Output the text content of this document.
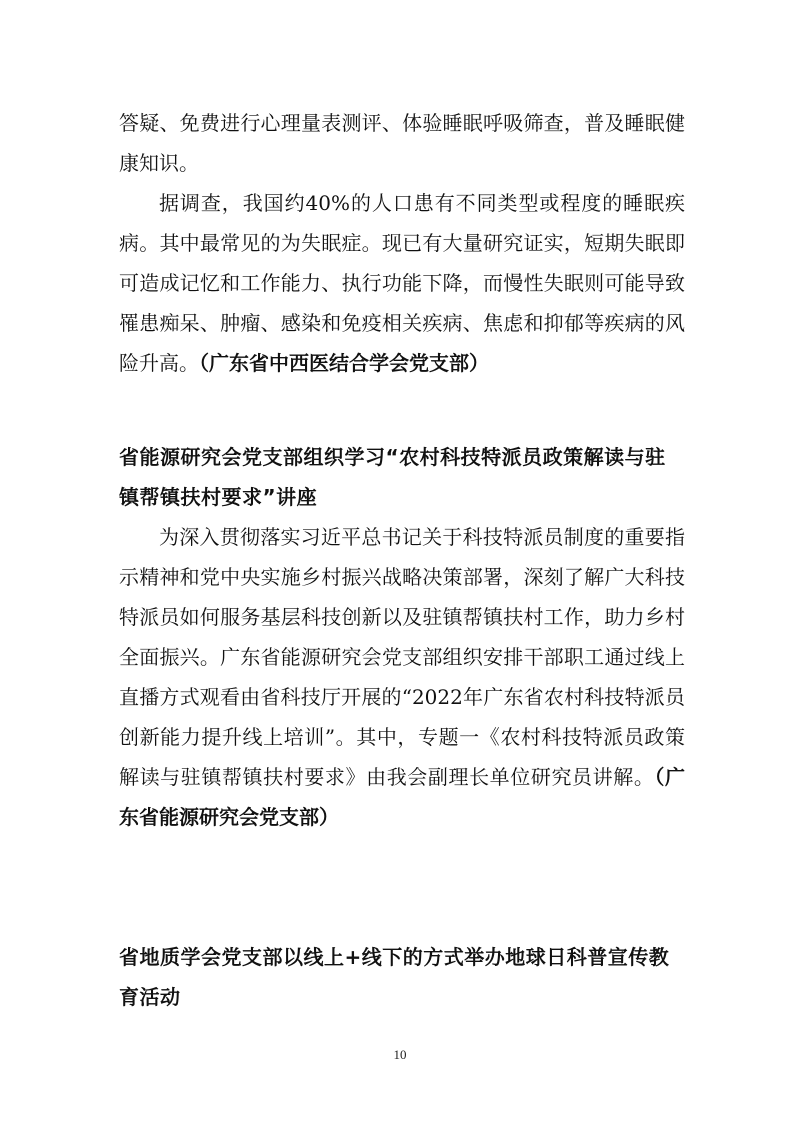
答疑、免费进行心理量表测评、体验睡眠呼吸筛查，普及睡眠健康知识。

据调查，我国约40%的人口患有不同类型或程度的睡眠疾病。其中最常见的为失眠症。现已有大量研究证实，短期失眠即可造成记忆和工作能力、执行功能下降，而慢性失眠则可能导致罹患痴呆、肿瘤、感染和免疫相关疾病、焦虑和抑郁等疾病的风险升高。（广东省中西医结合学会党支部）

省能源研究会党支部组织学习“农村科技特派员政策解读与驻镇帮镇扶村要求”讲座

为深入贯彻落实习近平总书记关于科技特派员制度的重要指示精神和党中央实施乡村振兴战略决策部署，深刻了解广大科技特派员如何服务基层科技创新以及驻镇帮镇扶村工作，助力乡村全面振兴。广东省能源研究会党支部组织安排干部职工通过线上直播方式观看由省科技厅开展的“2022年广东省农村科技特派员创新能力提升线上培训”。其中，专题一《农村科技特派员政策解读与驻镇帮镇扶村要求》由我会副理长单位研究员讲解。（广东省能源研究会党支部）

省地质学会党支部以线上+线下的方式举办地球日科普宣传教育活动
10
